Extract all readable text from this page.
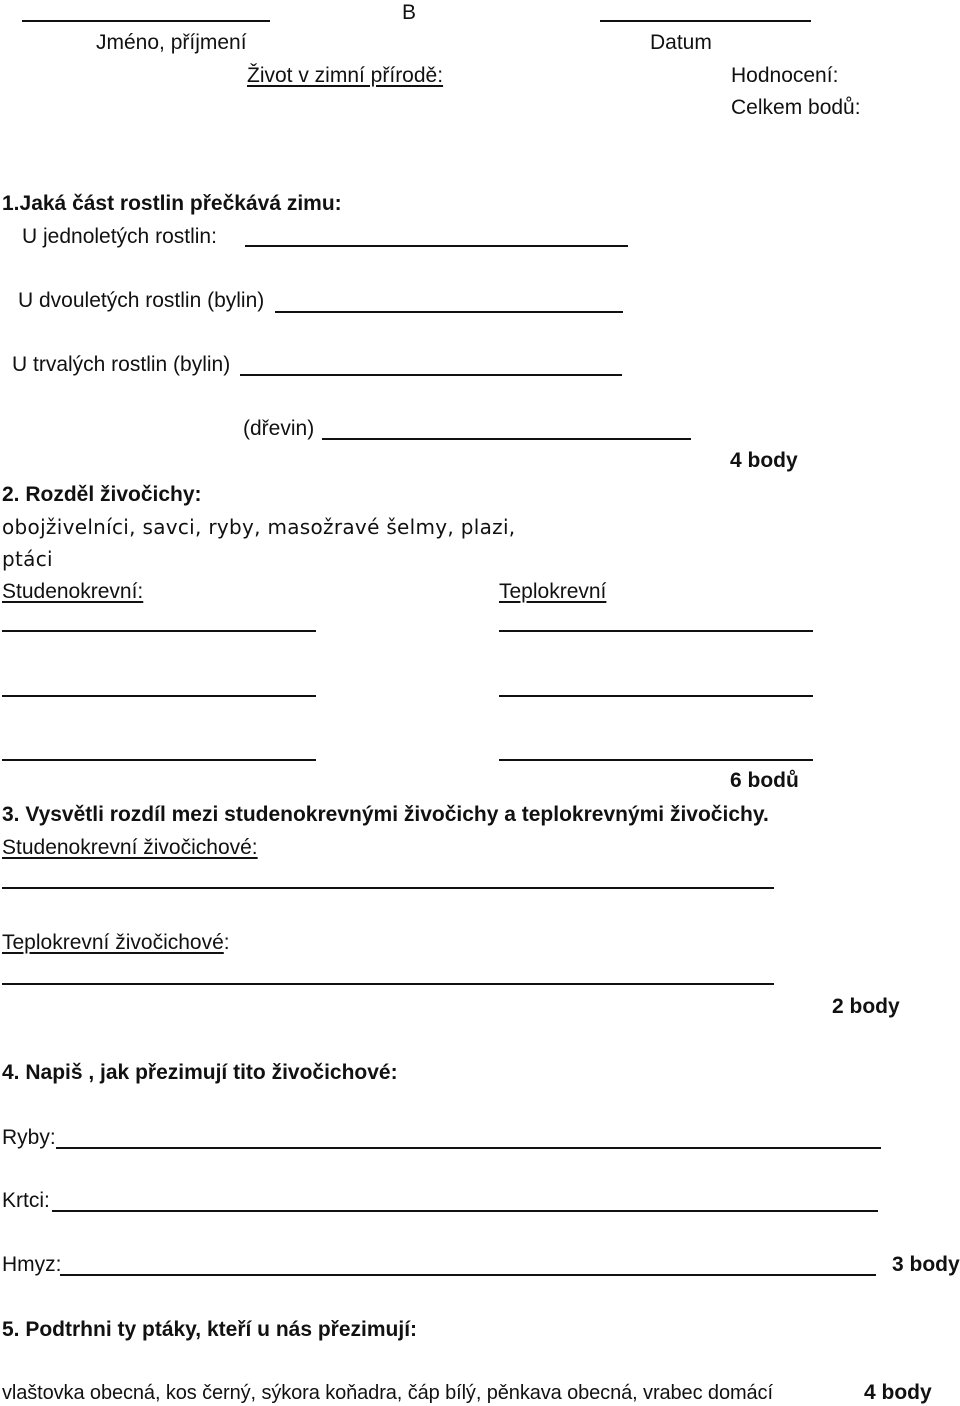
B
Jméno, příjmení	Datum
Život v zimní přírodě:	Hodnocení:
Celkem bodů:
1.Jaká část rostlin přečkává zimu:
U jednoletých rostlin:
U dvouletých rostlin (bylin)
U trvalých rostlin (bylin)
(dřevin)
4 body
2. Rozděl živočichy:
obojživelníci, savci, ryby, masožravé šelmy, plazi,
ptáci
Studenokrevní:	Teplokrevní
6 bodů
3. Vysvětli rozdíl mezi studenokrevnými živočichy a teplokrevnými živočichy.
Studenokrevní živočichové:
Teplokrevní živočichové:
2 body
4. Napiš , jak přezimují tito živočichové:
Ryby:
Krtci:
Hmyz:	3 body
5. Podtrhni ty ptáky, kteří u nás přezimují:
vlaštovka obecná, kos černý, sýkora koňadra, čáp bílý, pěnkava obecná, vrabec domácí	4 body
